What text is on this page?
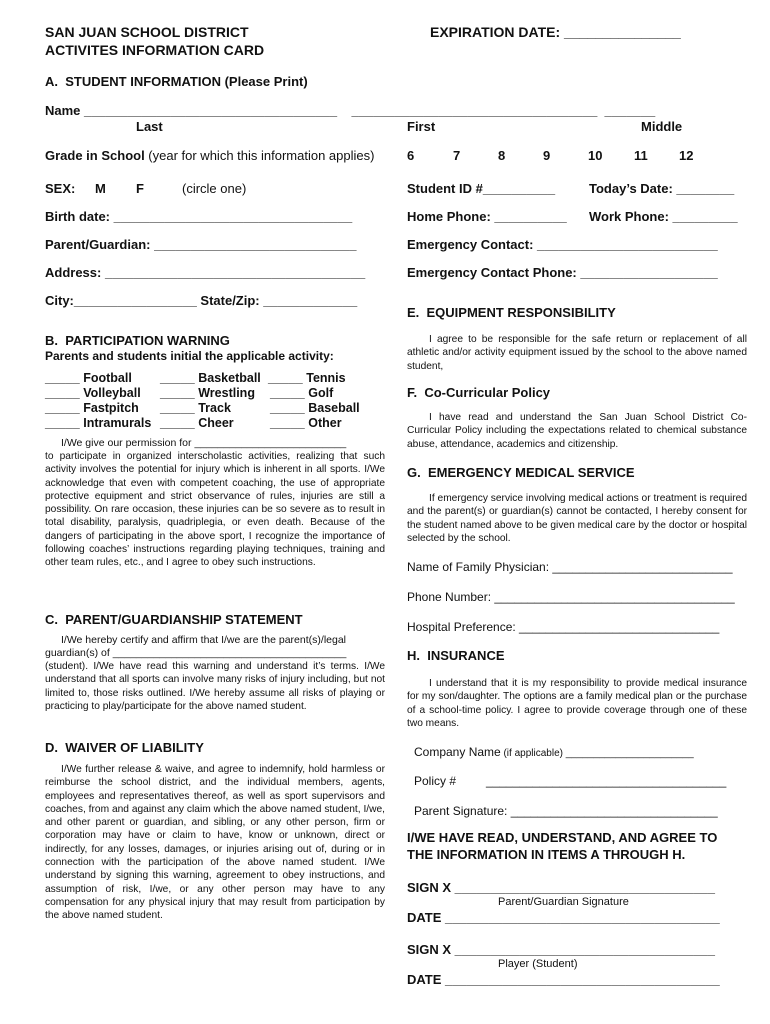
SAN JUAN SCHOOL DISTRICT
ACTIVITES INFORMATION CARD
EXPIRATION DATE: _______________
A.  STUDENT INFORMATION (Please Print)
Name ___________________________________    __________________________________  _______
Last	First	Middle
Grade in School (year for which this information applies)	6	7	8	9	10 11 12
SEX: M F	(circle one)	Student ID #__________	Today’s Date: ________
Birth date: _________________________________	Home Phone: __________ Work Phone: _________
Parent/Guardian: ____________________________	Emergency Contact: _________________________
Address: ____________________________________	Emergency Contact Phone: ___________________
City:_________________ State/Zip: _____________
B.  PARTICIPATION WARNING
Parents and students initial the applicable activity:
_____ Football _____ Basketball _____ Tennis
_____ Volleyball _____ Wrestling _____ Golf
_____ Fastpitch _____ Track	_____ Baseball
_____ Intramurals _____ Cheer	_____ Other
I/We give our permission for __________________________
to participate in organized interscholastic activities, realizing that such activity involves the potential for injury which is inherent in all sports. I/We acknowledge that even with competent coaching, the use of appropriate protective equipment and strict observance of rules, injuries are still a possibility. On rare occasion, these injuries can be so severe as to result in total disability, paralysis, quadriplegia, or even death. Because of the dangers of participating in the above sport, I recognize the importance of following coaches’ instructions regarding playing techniques, training and other team rules, etc., and I agree to obey such instructions.
C.  PARENT/GUARDIANSHIP STATEMENT
I/We hereby certify and affirm that I/we are the parent(s)/legal
guardian(s) of ________________________________________
(student). I/We have read this warning and understand it’s terms. I/We understand that all sports can involve many risks of injury including, but not limited to, those risks outlined. I/We hereby assume all risks of playing or practicing to play/participate for the above named student.
D.  WAIVER OF LIABILITY
I/We further release & waive, and agree to indemnify, hold harmless or reimburse the school district, and the individual members, agents, employees and representatives thereof, as well as sport supervisors and coaches, from and against any claim which the above named student, I/we, and other parent or guardian, and sibling, or any other person, firm or corporation may have or claim to have, know or unknown, direct or indirectly, for any losses, damages, or injuries arising out of, during or in connection with the participation of the above named student. I/We understand by signing this warning, agreement to obey instructions, and assumption of risk, I/we, or any other person may have to any compensation for any physical injury that may result from participation by the above named student.
E.  EQUIPMENT RESPONSIBILITY
I agree to be responsible for the safe return or replacement of all athletic and/or activity equipment issued by the school to the above named student,
F.  Co-Curricular Policy
I have read and understand the San Juan School District Co-Curricular Policy including the expectations related to chemical substance abuse, attendance, academics and citizenship.
G.  EMERGENCY MEDICAL SERVICE
If emergency service involving medical actions or treatment is required and the parent(s) or guardian(s) cannot be contacted, I hereby consent for the student named above to be given medical care by the doctor or hospital selected by the school.
Name of Family Physician: ___________________________
Phone Number: ____________________________________
Hospital Preference: ______________________________
H.  INSURANCE
I understand that it is my responsibility to provide medical insurance for my son/daughter. The options are a family medical plan or the purchase of a school-time policy. I agree to provide coverage through one of these two means.
Company Name (if applicable) _______________________
Policy #         ____________________________________
Parent Signature: _______________________________
I/WE HAVE READ, UNDERSTAND, AND AGREE TO
THE INFORMATION IN ITEMS A THROUGH H.
SIGN X ____________________________________
Parent/Guardian Signature
DATE ______________________________________
SIGN X ____________________________________
Player (Student)
DATE ______________________________________
